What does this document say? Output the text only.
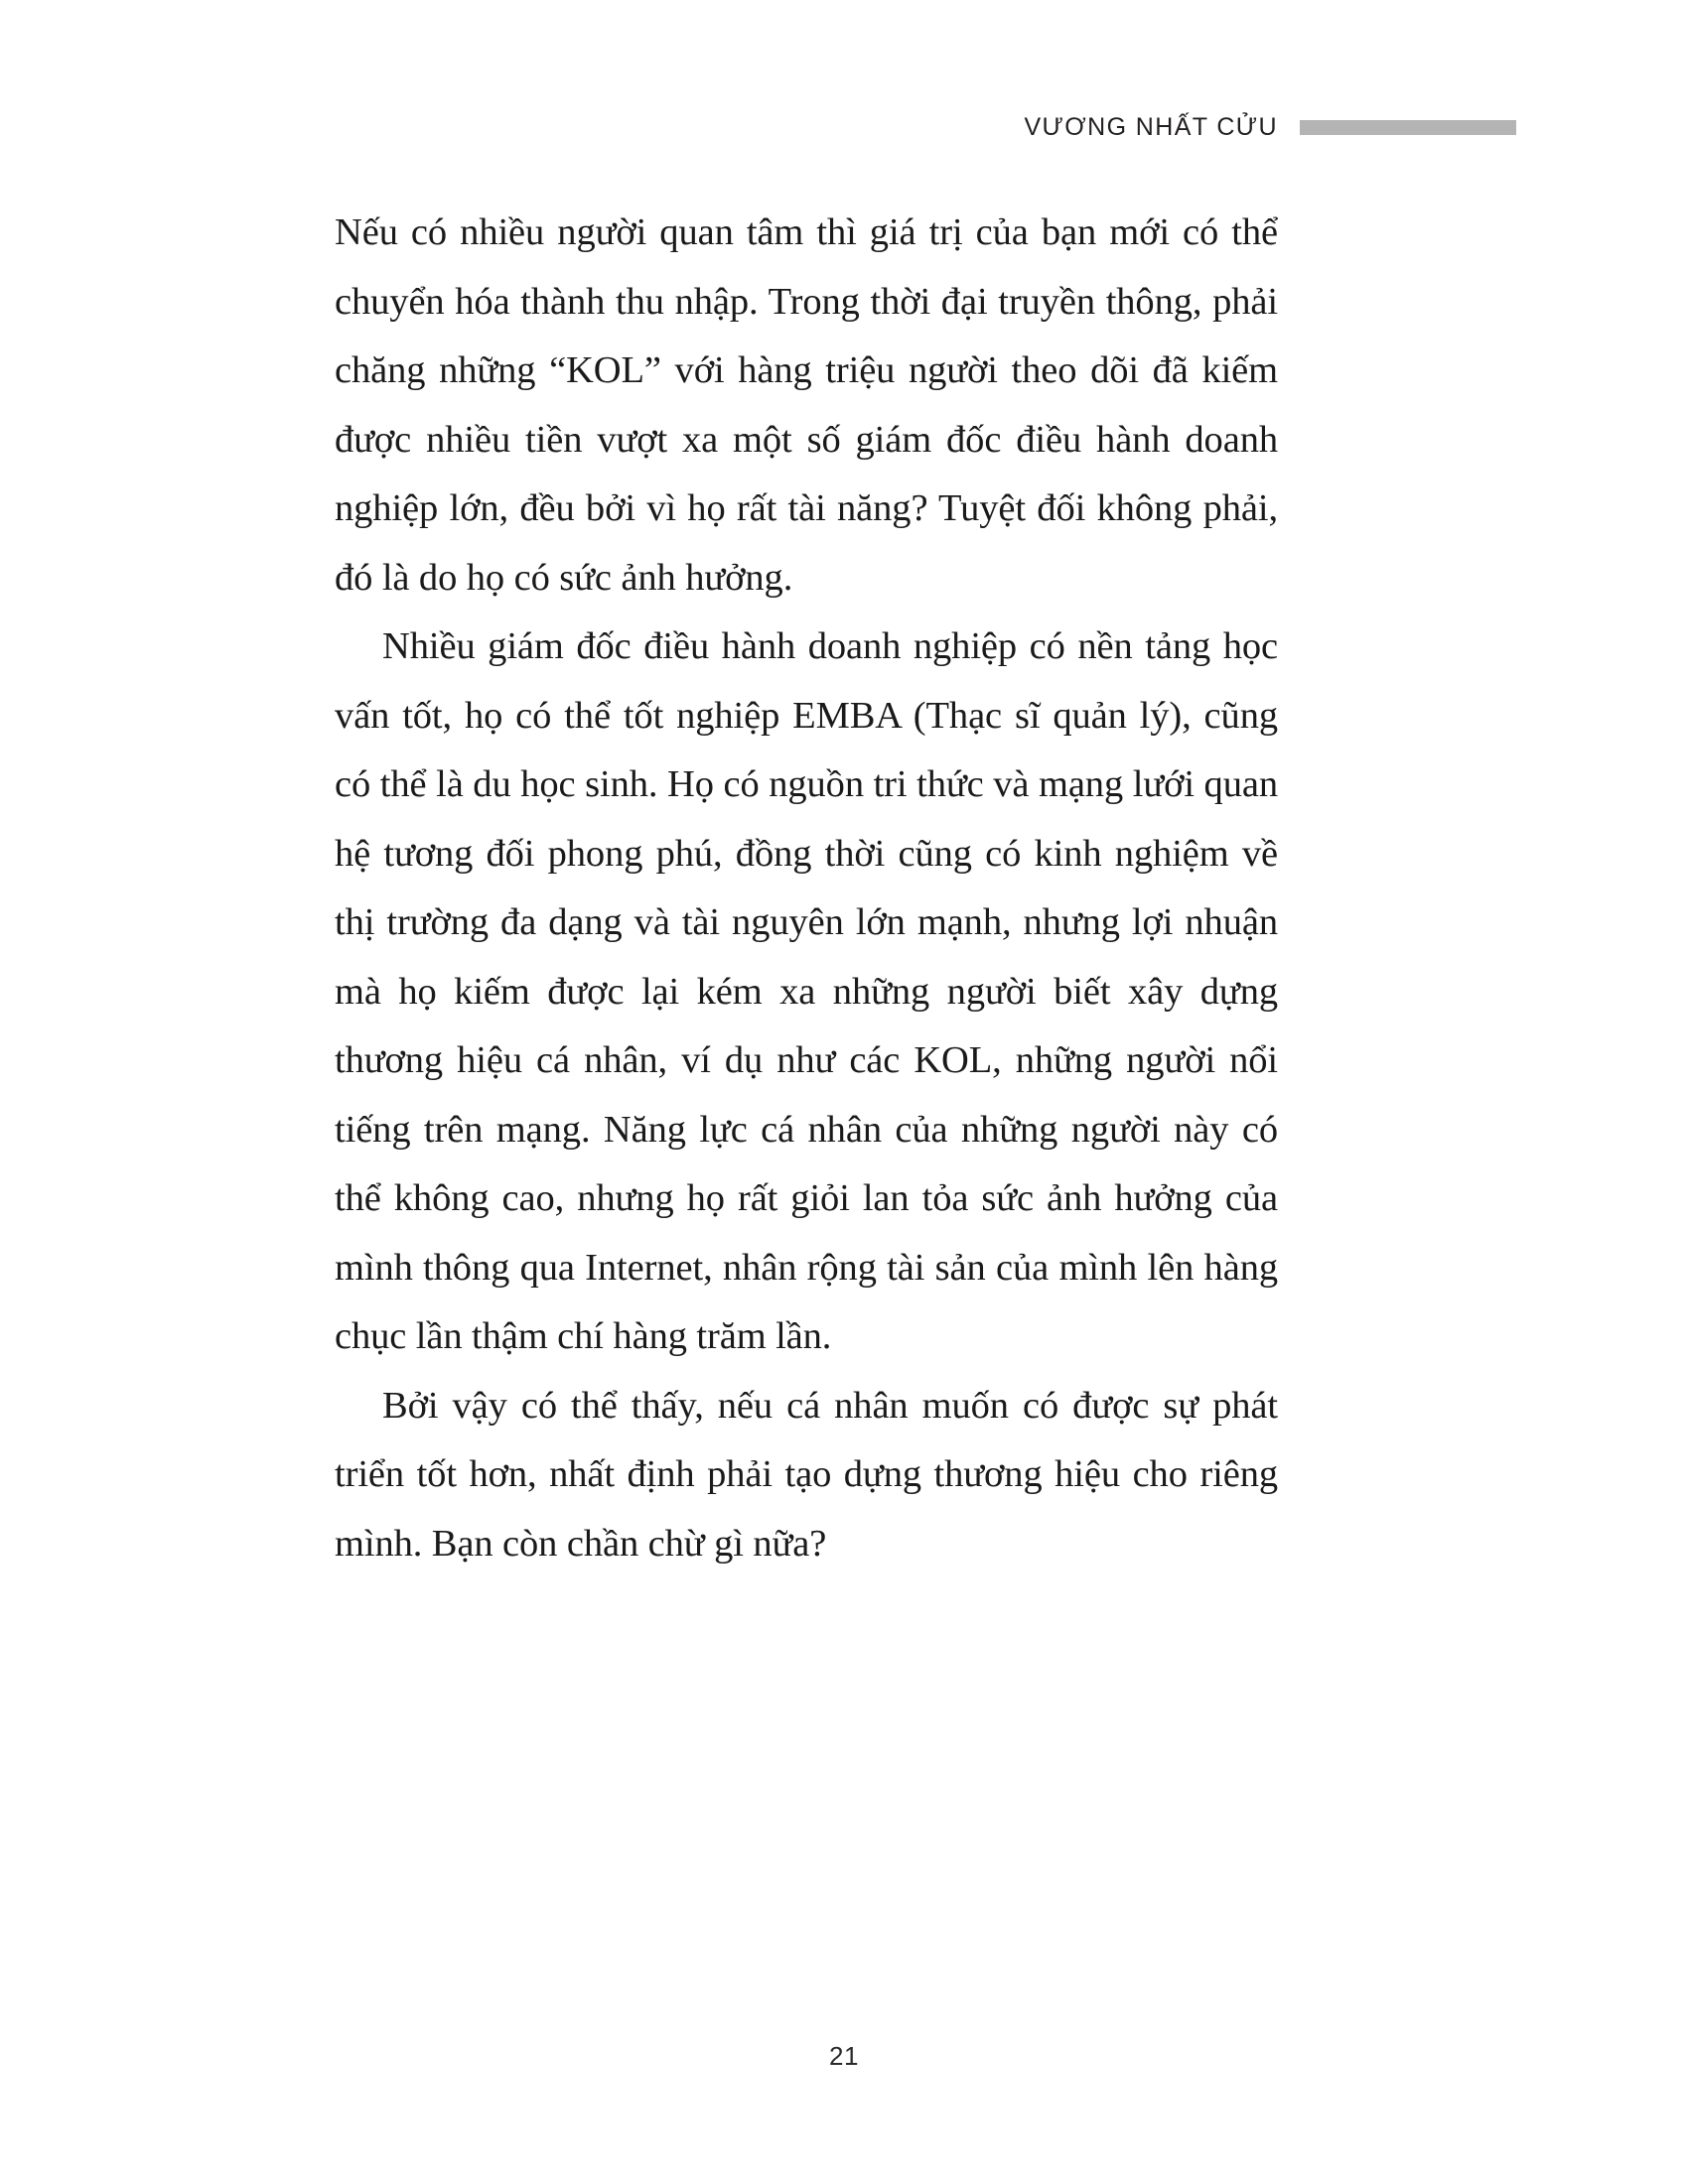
VƯƠNG NHẤT CỬU

Nếu có nhiều người quan tâm thì giá trị của bạn mới có thể chuyển hóa thành thu nhập. Trong thời đại truyền thông, phải chăng những “KOL” với hàng triệu người theo dõi đã kiếm được nhiều tiền vượt xa một số giám đốc điều hành doanh nghiệp lớn, đều bởi vì họ rất tài năng? Tuyệt đối không phải, đó là do họ có sức ảnh hưởng.

Nhiều giám đốc điều hành doanh nghiệp có nền tảng học vấn tốt, họ có thể tốt nghiệp EMBA (Thạc sĩ quản lý), cũng có thể là du học sinh. Họ có nguồn tri thức và mạng lưới quan hệ tương đối phong phú, đồng thời cũng có kinh nghiệm về thị trường đa dạng và tài nguyên lớn mạnh, nhưng lợi nhuận mà họ kiếm được lại kém xa những người biết xây dựng thương hiệu cá nhân, ví dụ như các KOL, những người nổi tiếng trên mạng. Năng lực cá nhân của những người này có thể không cao, nhưng họ rất giỏi lan tỏa sức ảnh hưởng của mình thông qua Internet, nhân rộng tài sản của mình lên hàng chục lần thậm chí hàng trăm lần.

Bởi vậy có thể thấy, nếu cá nhân muốn có được sự phát triển tốt hơn, nhất định phải tạo dựng thương hiệu cho riêng mình. Bạn còn chần chừ gì nữa?

21
